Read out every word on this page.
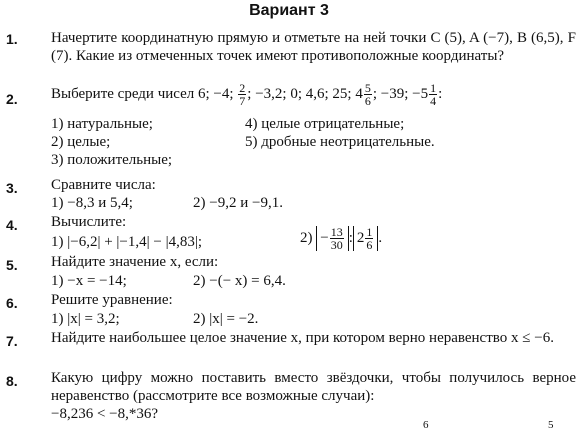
Вариант 3
1.	Начертите координатную прямую и отметьте на ней точки C (5), A (−7), B (6,5), F (7). Какие из отмеченных точек имеют противоположные координаты?
2.	Выберите среди чисел 6; −4; $\frac{2}{7}$ ; −3,2; 0; 4,6; 25; $4 \frac{5}{6}$ ; −39; $-5 \frac{1}{4}$ :
1) натуральные;
2) целые;
3) положительные;
4) целые отрицательные;
5) дробные неотрицательные.
3.	Сравните числа:
1) −8,3 и 5,4;	2) −9,2 и −9,1.
4.	Вычислите:
1) |−6,2| + |−1,4| − |4,83|;	$2) - \frac{13}{30}$ : $2 \frac{1}{6}$ .
5.	Найдите значение x, если:
1) −x = −14;	2) −(− x) = 6,4.
6.	Решите уравнение:
1) |x| = 3,2;	2) |x| = −2.
7.	Найдите наибольшее целое значение x, при котором верно неравенство x ≤ −6.
8.	Какую цифру можно поставить вместо звёздочки, чтобы получилось верное неравенство (рассмотрите все возможные случаи):
−8,236 < −8,*36?
6	5
